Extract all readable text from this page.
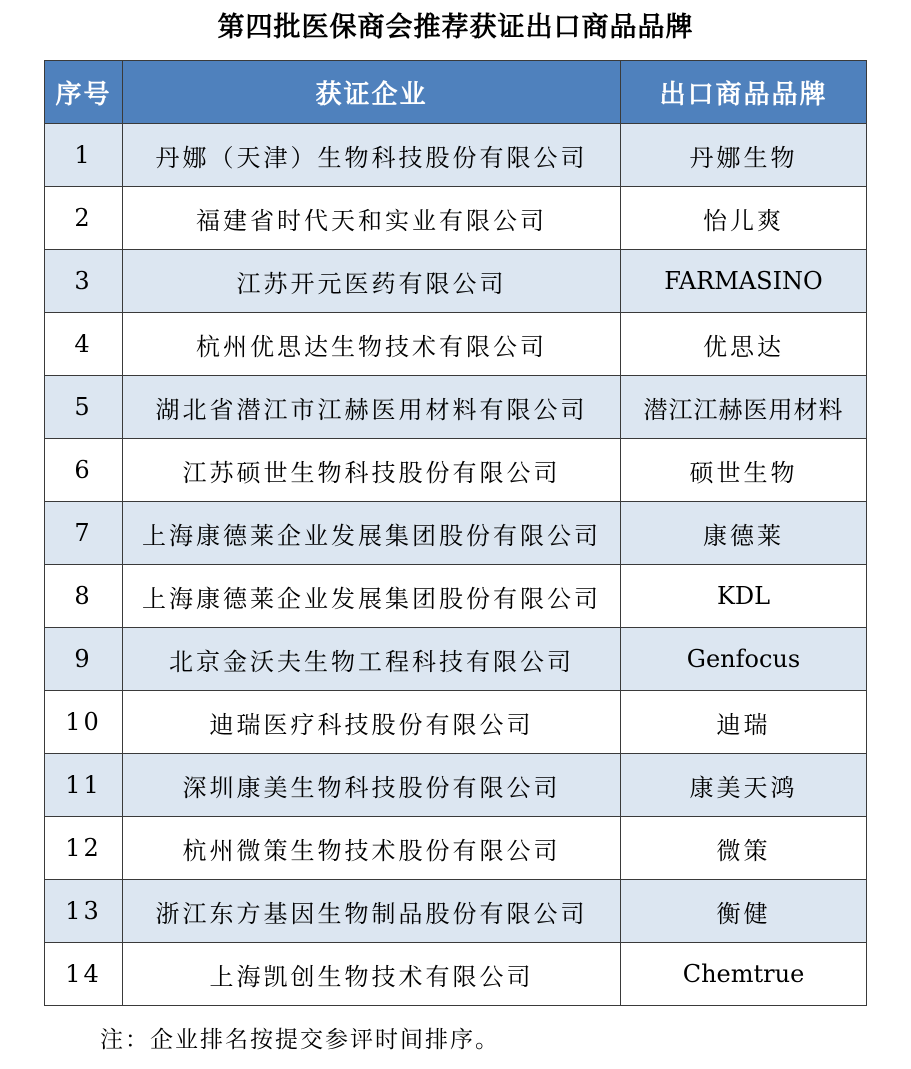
第四批医保商会推荐获证出口商品品牌
序号	获证企业	出口商品品牌
1	丹娜（天津）生物科技股份有限公司	丹娜生物
2	福建省时代天和实业有限公司	怡儿爽
3	江苏开元医药有限公司	FARMASINO
4	杭州优思达生物技术有限公司	优思达
5	湖北省潜江市江赫医用材料有限公司	潜江江赫医用材料
6	江苏硕世生物科技股份有限公司	硕世生物
7	上海康德莱企业发展集团股份有限公司	康德莱
8	上海康德莱企业发展集团股份有限公司	KDL
9	北京金沃夫生物工程科技有限公司	Genfocus
10	迪瑞医疗科技股份有限公司	迪瑞
11	深圳康美生物科技股份有限公司	康美天鸿
12	杭州微策生物技术股份有限公司	微策
13	浙江东方基因生物制品股份有限公司	衡健
14	上海凯创生物技术有限公司	Chemtrue
注：企业排名按提交参评时间排序。
